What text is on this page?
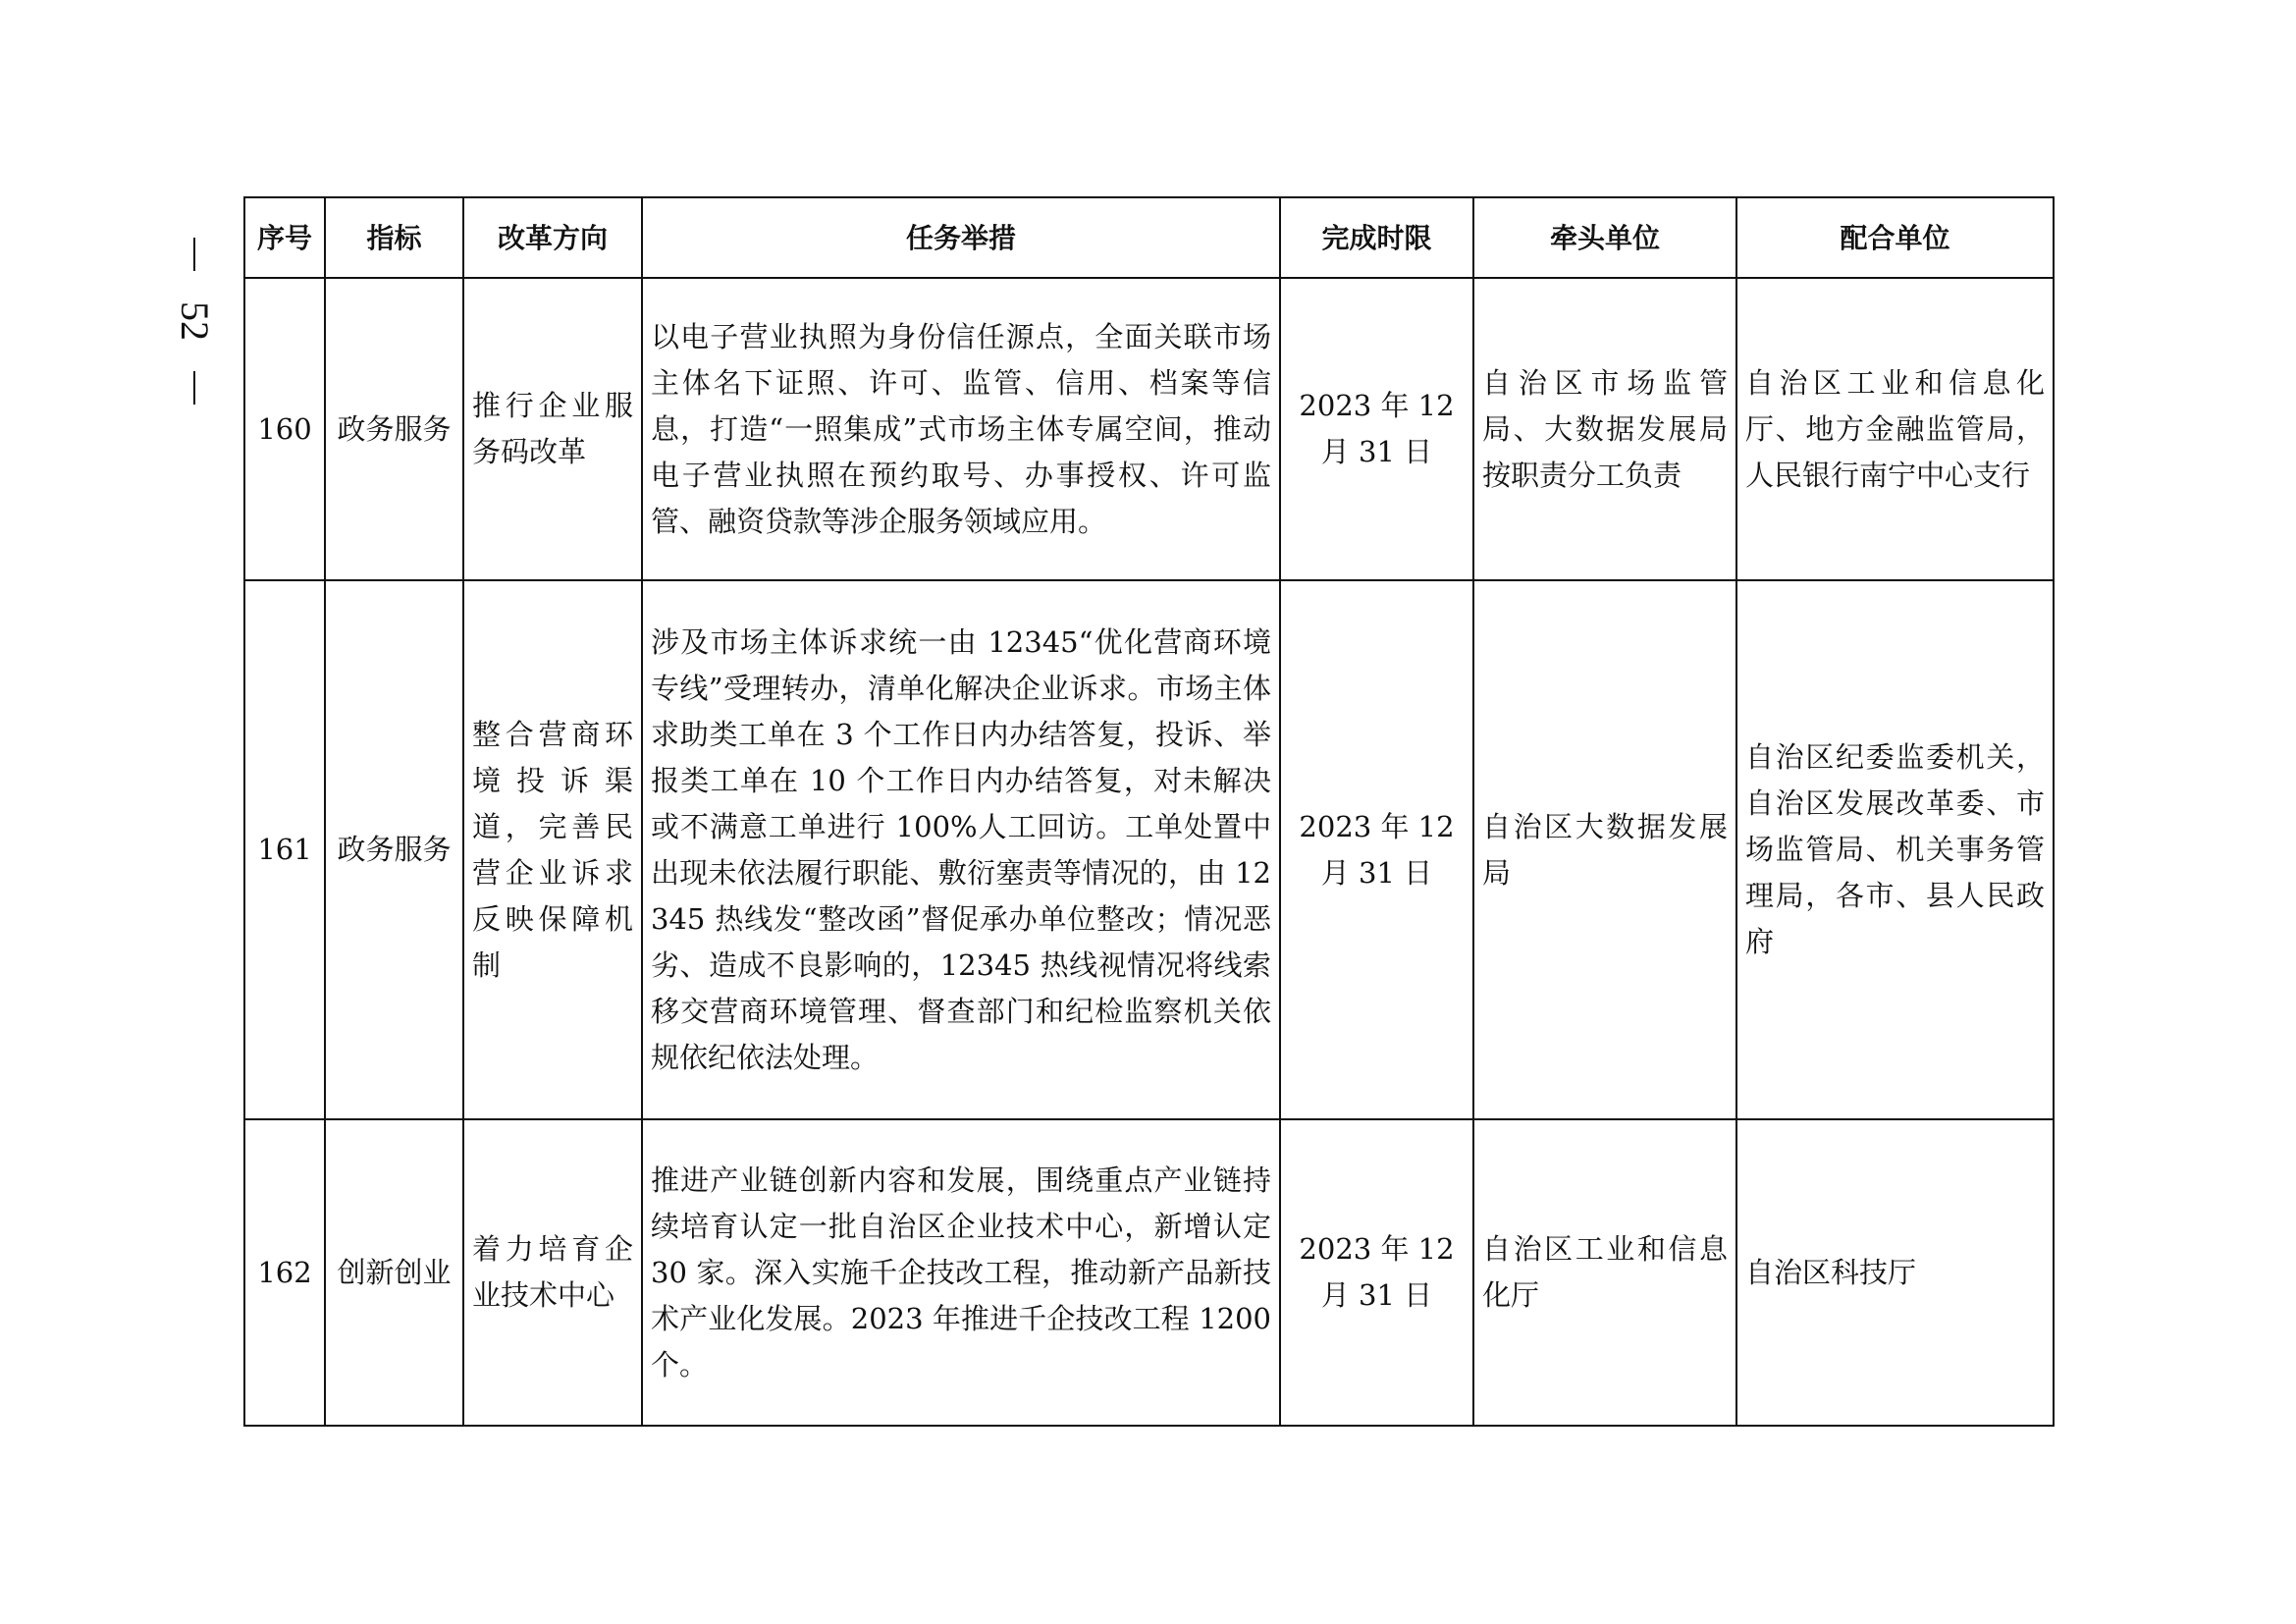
52
序号	指标	改革方向	任务举措	完成时限	牵头单位	配合单位
160	政务服务	推行企业服务码改革	以电子营业执照为身份信任源点，全面关联市场主体名下证照、许可、监管、信用、档案等信息，打造“一照集成”式市场主体专属空间，推动电子营业执照在预约取号、办事授权、许可监管、融资贷款等涉企服务领域应用。	2023 年 12 月 31 日	自治区市场监管局、大数据发展局按职责分工负责	自治区工业和信息化厅、地方金融监管局，人民银行南宁中心支行
161	政务服务	整合营商环境投诉渠道，完善民营企业诉求反映保障机制	涉及市场主体诉求统一由 12345“优化营商环境专线”受理转办，清单化解决企业诉求。市场主体求助类工单在 3 个工作日内办结答复，投诉、举报类工单在 10 个工作日内办结答复，对未解决或不满意工单进行 100%人工回访。工单处置中出现未依法履行职能、敷衍塞责等情况的，由 12345 热线发“整改函”督促承办单位整改；情况恶劣、造成不良影响的，12345 热线视情况将线索移交营商环境管理、督查部门和纪检监察机关依规依纪依法处理。	2023 年 12 月 31 日	自治区大数据发展局	自治区纪委监委机关，自治区发展改革委、市场监管局、机关事务管理局，各市、县人民政府
162	创新创业	着力培育企业技术中心	推进产业链创新内容和发展，围绕重点产业链持续培育认定一批自治区企业技术中心，新增认定 30 家。深入实施千企技改工程，推动新产品新技术产业化发展。2023 年推进千企技改工程 1200 个。	2023 年 12 月 31 日	自治区工业和信息化厅	自治区科技厅
